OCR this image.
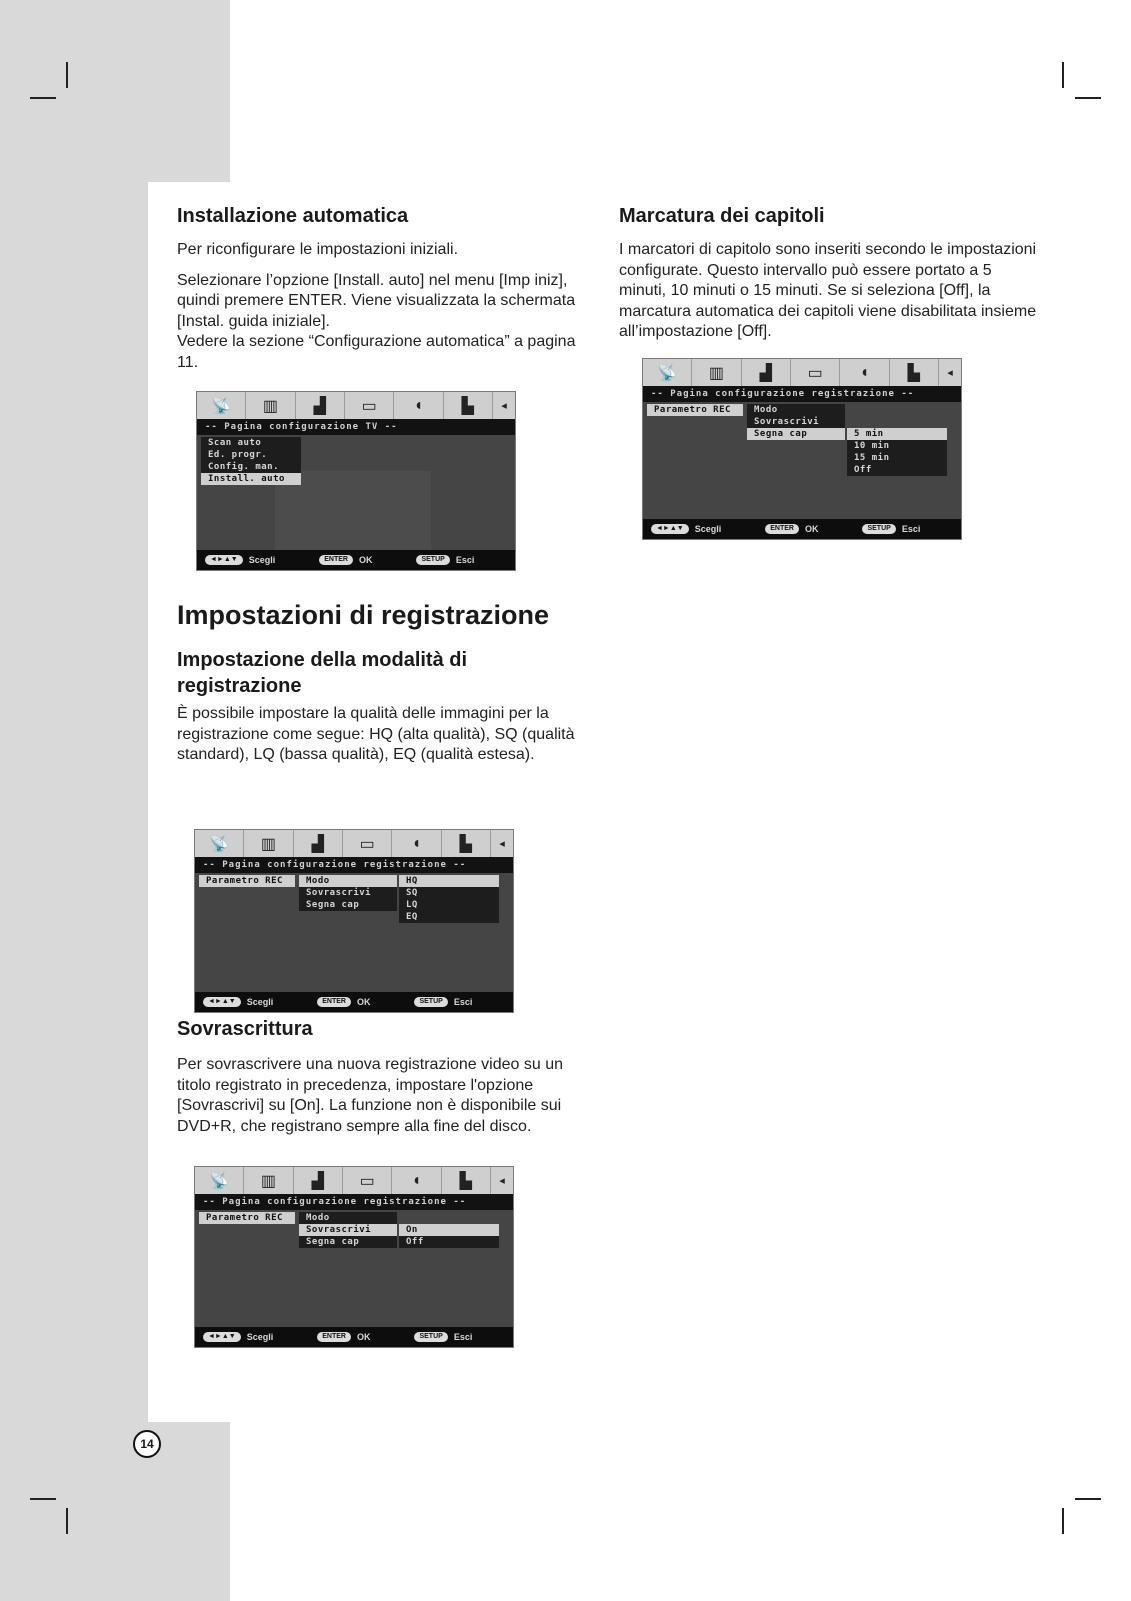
Installazione automatica

Per riconfigurare le impostazioni iniziali.

Selezionare l’opzione [Install. auto] nel menu [Imp iniz], quindi premere ENTER. Viene visualizzata la schermata [Instal. guida iniziale].

Vedere la sezione “Configurazione automatica” a pagina 11.

📡	▥	▟	▭	◖	▙	◂
-- Pagina configurazione TV --
Scan auto
Ed. progr.
Config. man.
Install. auto
◄►▲▼	Scegli	ENTER	OK	SETUP	Esci
Impostazioni di registrazione
Impostazione della modalità di registrazione

È possibile impostare la qualità delle immagini per la registrazione come segue: HQ (alta qualità), SQ (qualità standard), LQ (bassa qualità), EQ (qualità estesa).

📡	▥	▟	▭	◖	▙	◂
-- Pagina configurazione registrazione --
Parametro REC	Modo
Sovrascrivi
Segna cap
HQ
SQ
LQ
EQ
◄►▲▼	Scegli	ENTER	OK	SETUP	Esci
Sovrascrittura

Per sovrascrivere una nuova registrazione video su un titolo registrato in precedenza, impostare l'opzione [Sovrascrivi] su [On]. La funzione non è disponibile sui DVD+R, che registrano sempre alla fine del disco.

📡	▥	▟	▭	◖	▙	◂
-- Pagina configurazione registrazione --
Parametro REC	Modo
Sovrascrivi
Segna cap
On
Off
◄►▲▼	Scegli	ENTER	OK	SETUP	Esci
Marcatura dei capitoli

I marcatori di capitolo sono inseriti secondo le impostazioni configurate. Questo intervallo può essere portato a 5 minuti, 10 minuti o 15 minuti. Se si seleziona [Off], la marcatura automatica dei capitoli viene disabilitata insieme all’impostazione [Off].

📡	▥	▟	▭	◖	▙	◂
-- Pagina configurazione registrazione --
Parametro REC	Modo
Sovrascrivi
Segna cap	5 min
10 min
15 min
Off
◄►▲▼	Scegli	ENTER	OK	SETUP	Esci
14
